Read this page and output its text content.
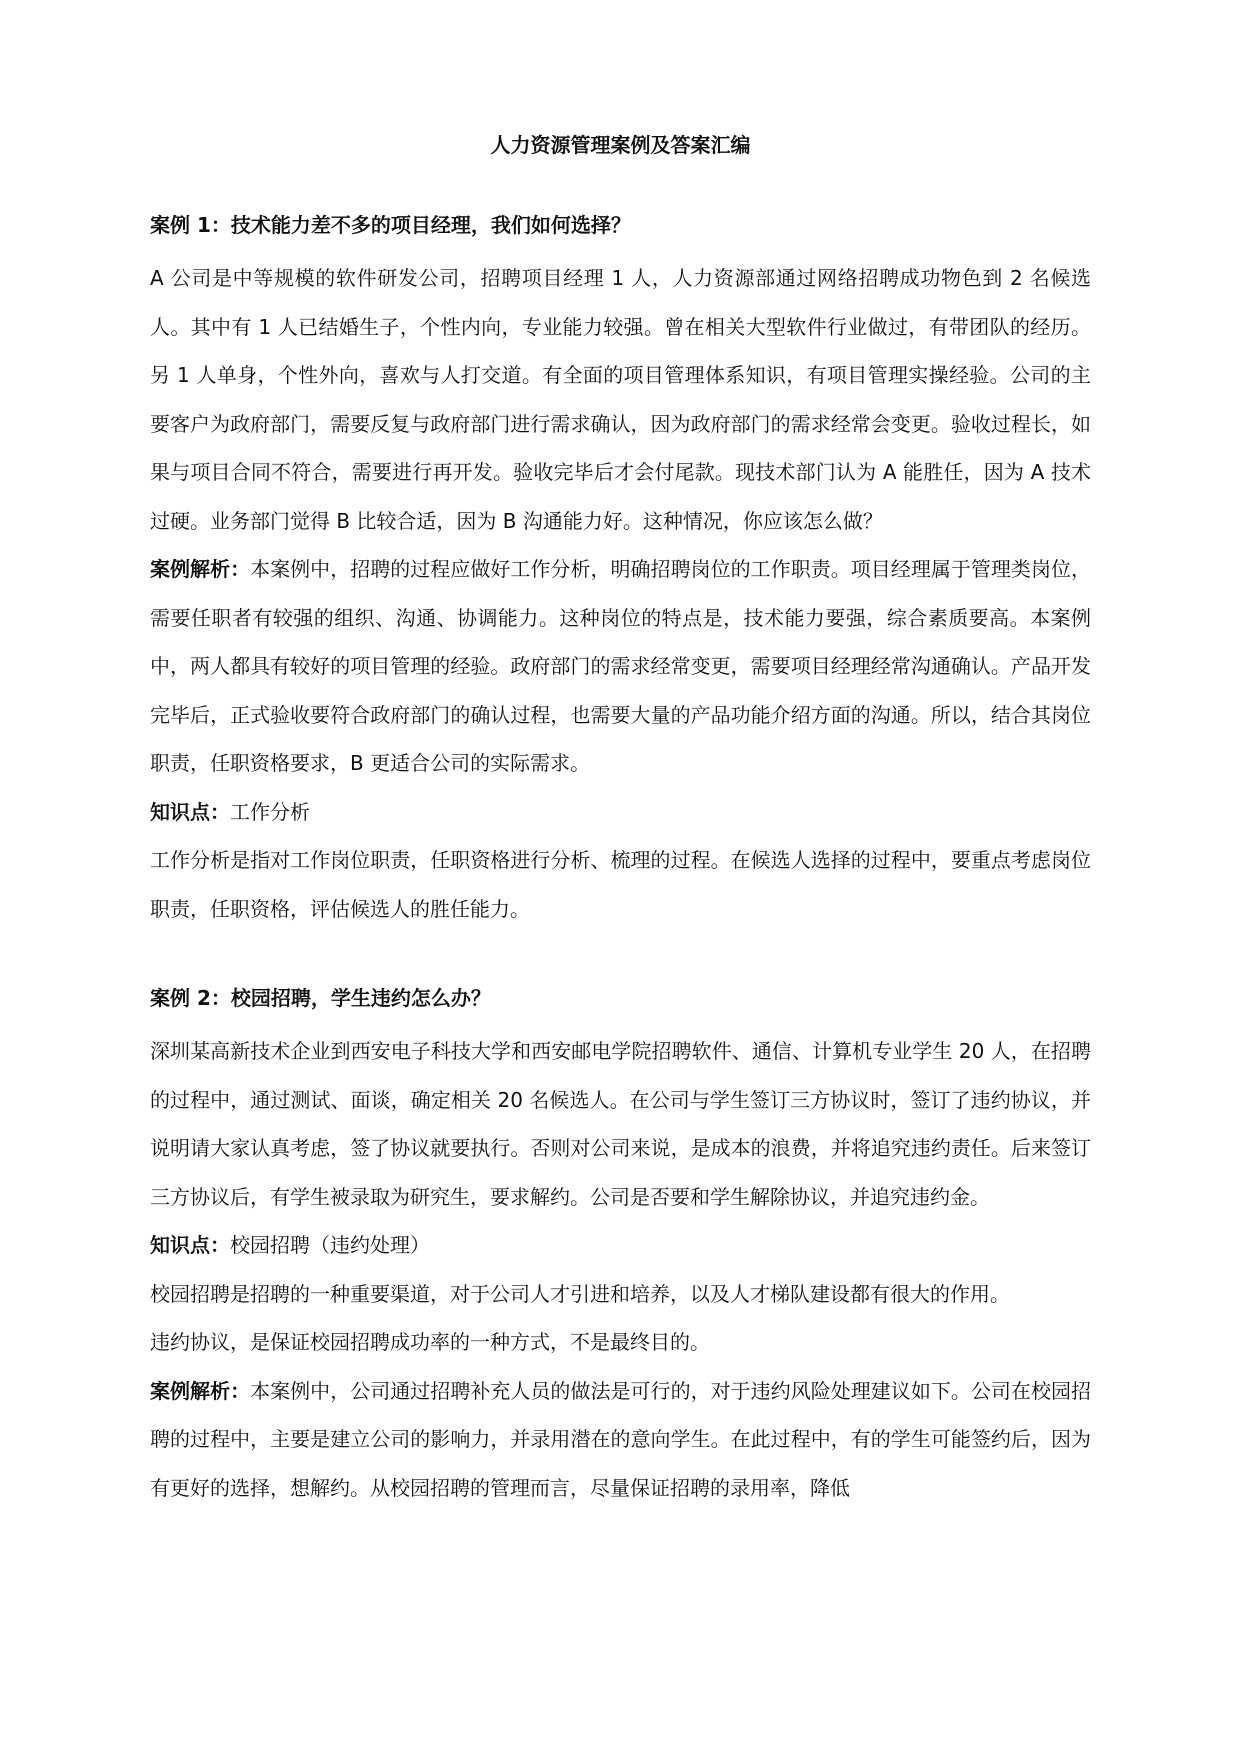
人力资源管理案例及答案汇编
案例 1：技术能力差不多的项目经理，我们如何选择？

A 公司是中等规模的软件研发公司，招聘项目经理 1 人，人力资源部通过网络招聘成功物色到 2 名候选人。其中有 1 人已结婚生子，个性内向，专业能力较强。曾在相关大型软件行业做过，有带团队的经历。另 1 人单身，个性外向，喜欢与人打交道。有全面的项目管理体系知识，有项目管理实操经验。公司的主要客户为政府部门，需要反复与政府部门进行需求确认，因为政府部门的需求经常会变更。验收过程长，如果与项目合同不符合，需要进行再开发。验收完毕后才会付尾款。现技术部门认为 A 能胜任，因为 A 技术过硬。业务部门觉得 B 比较合适，因为 B 沟通能力好。这种情况，你应该怎么做？

案例解析：本案例中，招聘的过程应做好工作分析，明确招聘岗位的工作职责。项目经理属于管理类岗位，需要任职者有较强的组织、沟通、协调能力。这种岗位的特点是，技术能力要强，综合素质要高。本案例中，两人都具有较好的项目管理的经验。政府部门的需求经常变更，需要项目经理经常沟通确认。产品开发完毕后，正式验收要符合政府部门的确认过程，也需要大量的产品功能介绍方面的沟通。所以，结合其岗位职责，任职资格要求，B 更适合公司的实际需求。

知识点：工作分析

工作分析是指对工作岗位职责，任职资格进行分析、梳理的过程。在候选人选择的过程中，要重点考虑岗位职责，任职资格，评估候选人的胜任能力。

案例 2：校园招聘，学生违约怎么办？

深圳某高新技术企业到西安电子科技大学和西安邮电学院招聘软件、通信、计算机专业学生 20 人，在招聘的过程中，通过测试、面谈，确定相关 20 名候选人。在公司与学生签订三方协议时，签订了违约协议，并说明请大家认真考虑，签了协议就要执行。否则对公司来说，是成本的浪费，并将追究违约责任。后来签订三方协议后，有学生被录取为研究生，要求解约。公司是否要和学生解除协议，并追究违约金。

知识点：校园招聘（违约处理）

校园招聘是招聘的一种重要渠道，对于公司人才引进和培养，以及人才梯队建设都有很大的作用。

违约协议，是保证校园招聘成功率的一种方式，不是最终目的。

案例解析：本案例中，公司通过招聘补充人员的做法是可行的，对于违约风险处理建议如下。公司在校园招聘的过程中，主要是建立公司的影响力，并录用潜在的意向学生。在此过程中，有的学生可能签约后，因为有更好的选择，想解约。从校园招聘的管理而言，尽量保证招聘的录用率，降低
